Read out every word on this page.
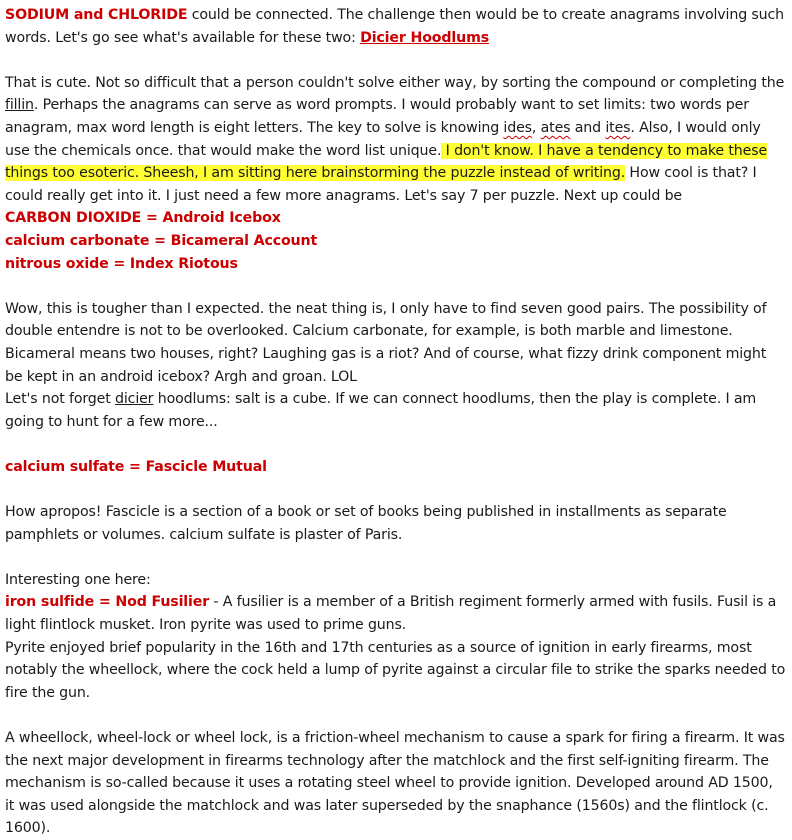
SODIUM and CHLORIDE could be connected. The challenge then would be to create anagrams involving such words. Let's go see what's available for these two: Dicier Hoodlums

That is cute. Not so difficult that a person couldn't solve either way, by sorting the compound or completing the fillin. Perhaps the anagrams can serve as word prompts. I would probably want to set limits: two words per anagram, max word length is eight letters. The key to solve is knowing ides, ates and ites. Also, I would only use the chemicals once. that would make the word list unique. I don't know. I have a tendency to make these things too esoteric. Sheesh, I am sitting here brainstorming the puzzle instead of writing. How cool is that? I could really get into it. I just need a few more anagrams. Let's say 7 per puzzle. Next up could be

CARBON DIOXIDE = Android Icebox

calcium carbonate = Bicameral Account

nitrous oxide = Index Riotous

Wow, this is tougher than I expected. the neat thing is, I only have to find seven good pairs. The possibility of double entendre is not to be overlooked. Calcium carbonate, for example, is both marble and limestone. Bicameral means two houses, right? Laughing gas is a riot? And of course, what fizzy drink component might be kept in an android icebox? Argh and groan. LOL

Let's not forget dicier hoodlums: salt is a cube. If we can connect hoodlums, then the play is complete. I am going to hunt for a few more...

calcium sulfate = Fascicle Mutual

How apropos! Fascicle is a section of a book or set of books being published in installments as separate pamphlets or volumes. calcium sulfate is plaster of Paris.

Interesting one here:

iron sulfide = Nod Fusilier - A fusilier is a member of a British regiment formerly armed with fusils. Fusil is a light flintlock musket. Iron pyrite was used to prime guns.

Pyrite enjoyed brief popularity in the 16th and 17th centuries as a source of ignition in early firearms, most notably the wheellock, where the cock held a lump of pyrite against a circular file to strike the sparks needed to fire the gun.

A wheellock, wheel-lock or wheel lock, is a friction-wheel mechanism to cause a spark for firing a firearm. It was the next major development in firearms technology after the matchlock and the first self-igniting firearm. The mechanism is so-called because it uses a rotating steel wheel to provide ignition. Developed around AD 1500, it was used alongside the matchlock and was later superseded by the snaphance (1560s) and the flintlock (c. 1600).
